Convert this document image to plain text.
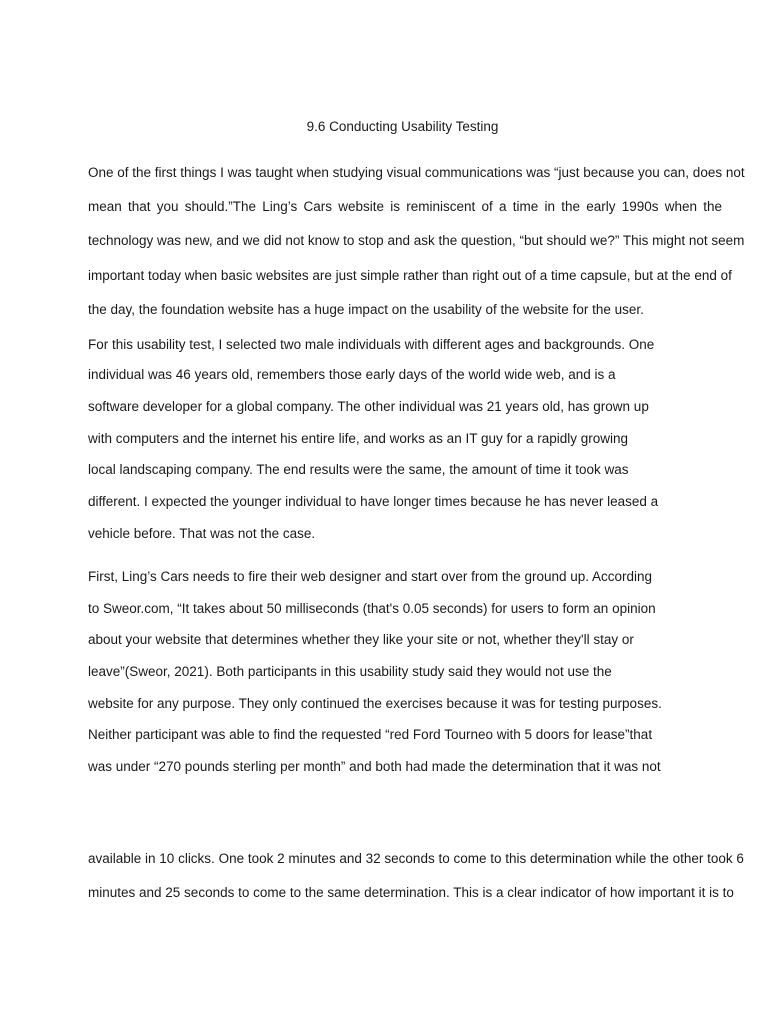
9.6 Conducting Usability Testing
One of the first things I was taught when studying visual communications was “just because you can, does not
mean that you should.”The Ling’s Cars website is reminiscent of a time in the early 1990s when the
technology was new, and we did not know to stop and ask the question, “but should we?” This might not seem
important today when basic websites are just simple rather than right out of a time capsule, but at the end of
the day, the foundation website has a huge impact on the usability of the website for the user.
For this usability test, I selected two male individuals with different ages and backgrounds. One
individual was 46 years old, remembers those early days of the world wide web, and is a
software developer for a global company. The other individual was 21 years old, has grown up
with computers and the internet his entire life, and works as an IT guy for a rapidly growing
local landscaping company. The end results were the same, the amount of time it took was
different. I expected the younger individual to have longer times because he has never leased a
vehicle before. That was not the case.
First, Ling’s Cars needs to fire their web designer and start over from the ground up. According
to Sweor.com, “It takes about 50 milliseconds (that's 0.05 seconds) for users to form an opinion
about your website that determines whether they like your site or not, whether they'll stay or
leave”(Sweor, 2021). Both participants in this usability study said they would not use the
website for any purpose. They only continued the exercises because it was for testing purposes.
Neither participant was able to find the requested “red Ford Tourneo with 5 doors for lease”that
was under “270 pounds sterling per month” and both had made the determination that it was not
available in 10 clicks. One took 2 minutes and 32 seconds to come to this determination while the other took 6
minutes and 25 seconds to come to the same determination. This is a clear indicator of how important it is to
